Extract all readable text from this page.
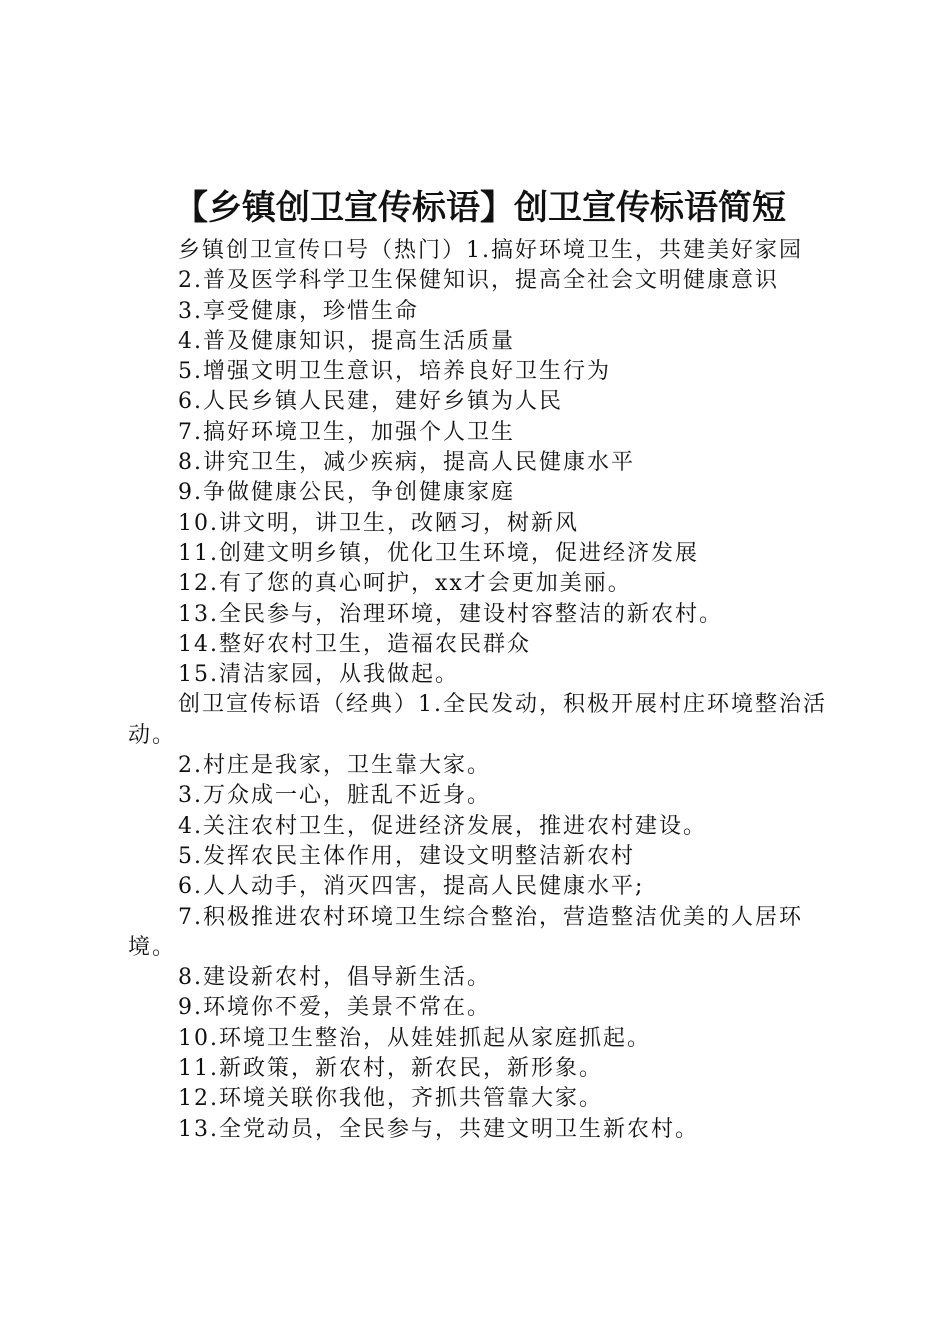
【乡镇创卫宣传标语】创卫宣传标语简短

乡镇创卫宣传口号（热门）1.搞好环境卫生，共建美好家园

2.普及医学科学卫生保健知识，提高全社会文明健康意识

3.享受健康，珍惜生命

4.普及健康知识，提高生活质量

5.增强文明卫生意识，培养良好卫生行为

6.人民乡镇人民建，建好乡镇为人民

7.搞好环境卫生，加强个人卫生

8.讲究卫生，减少疾病，提高人民健康水平

9.争做健康公民，争创健康家庭

10.讲文明，讲卫生，改陋习，树新风

11.创建文明乡镇，优化卫生环境，促进经济发展

12.有了您的真心呵护，xx才会更加美丽。

13.全民参与，治理环境，建设村容整洁的新农村。

14.整好农村卫生，造福农民群众

15.清洁家园，从我做起。

创卫宣传标语（经典）1.全民发动，积极开展村庄环境整治活动。

2.村庄是我家，卫生靠大家。

3.万众成一心，脏乱不近身。

4.关注农村卫生，促进经济发展，推进农村建设。

5.发挥农民主体作用，建设文明整洁新农村

6.人人动手，消灭四害，提高人民健康水平;

7.积极推进农村环境卫生综合整治，营造整洁优美的人居环境。

8.建设新农村，倡导新生活。

9.环境你不爱，美景不常在。

10.环境卫生整治，从娃娃抓起从家庭抓起。

11.新政策，新农村，新农民，新形象。

12.环境关联你我他，齐抓共管靠大家。

13.全党动员，全民参与，共建文明卫生新农村。
